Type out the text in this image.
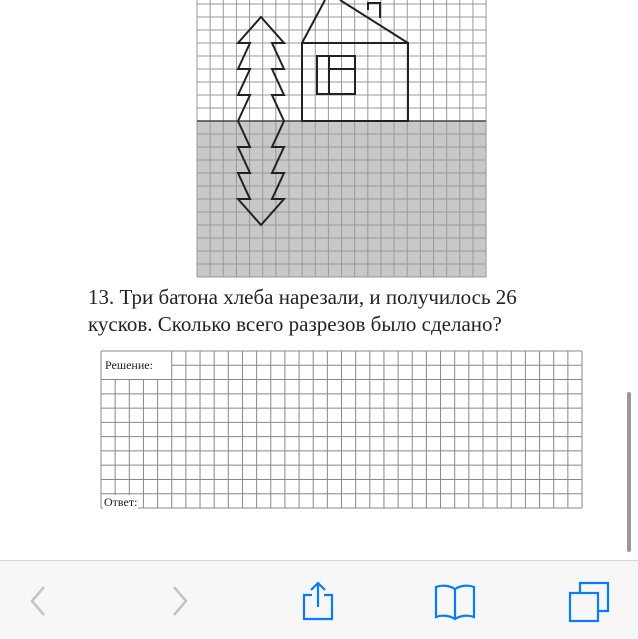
13. Три батона хлеба нарезали, и получилось 26
кусков. Сколько всего разрезов было сделано?
Решение:
Ответ:
